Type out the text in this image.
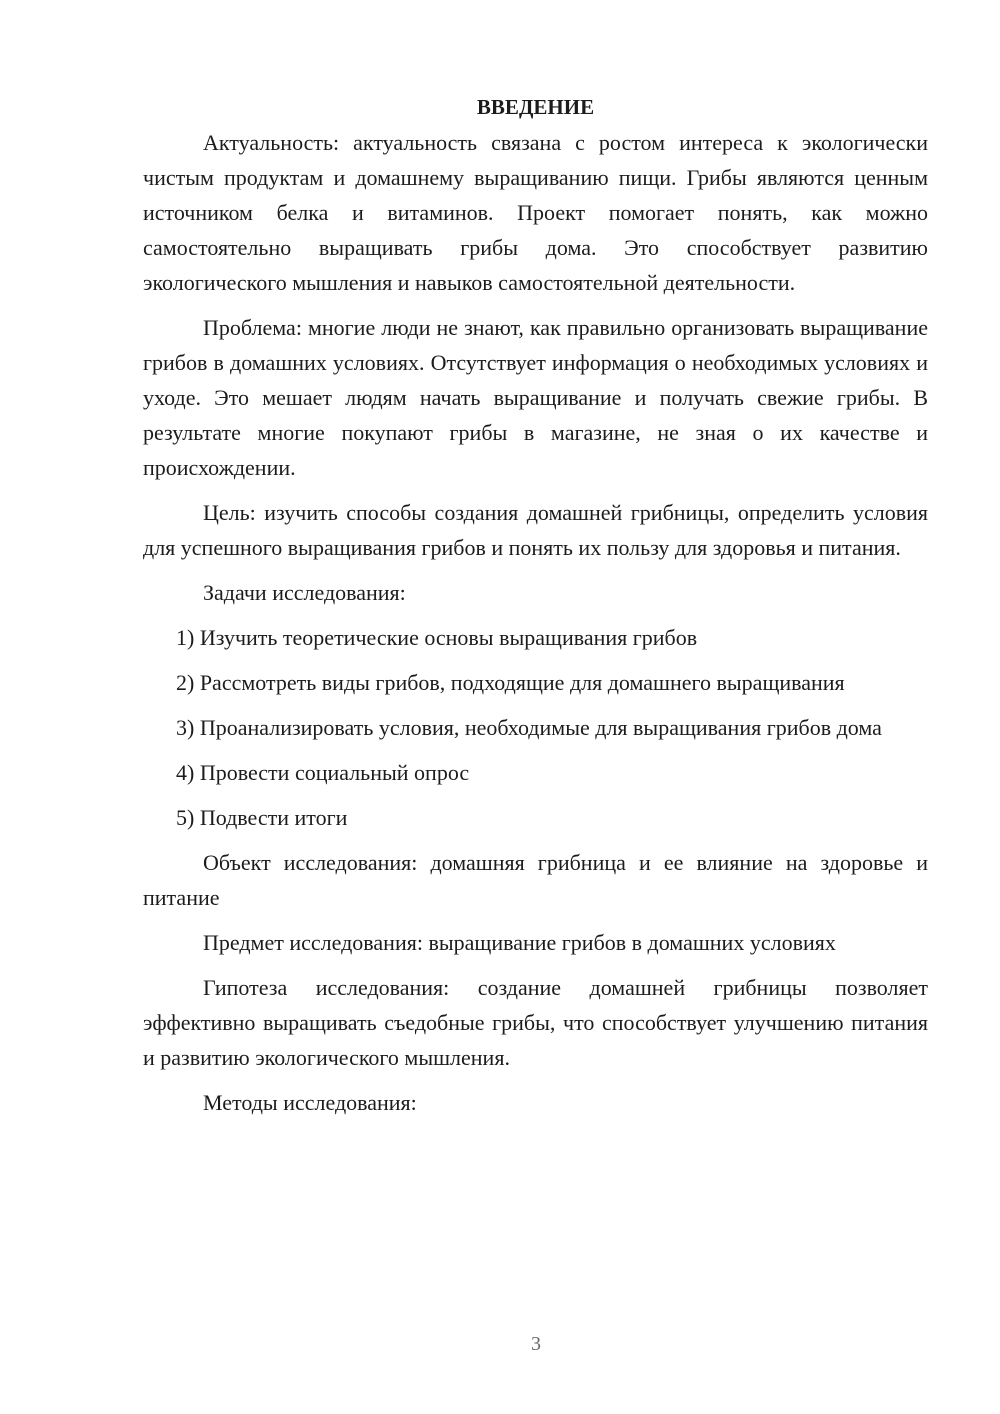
ВВЕДЕНИЕ

Актуальность: актуальность связана с ростом интереса к экологически чистым продуктам и домашнему выращиванию пищи. Грибы являются ценным источником белка и витаминов. Проект помогает понять, как можно самостоятельно выращивать грибы дома. Это способствует развитию экологического мышления и навыков самостоятельной деятельности.

Проблема: многие люди не знают, как правильно организовать выращивание грибов в домашних условиях. Отсутствует информация о необходимых условиях и уходе. Это мешает людям начать выращивание и получать свежие грибы. В результате многие покупают грибы в магазине, не зная о их качестве и происхождении.

Цель: изучить способы создания домашней грибницы, определить условия для успешного выращивания грибов и понять их пользу для здоровья и питания.

Задачи исследования:

1) Изучить теоретические основы выращивания грибов

2) Рассмотреть виды грибов, подходящие для домашнего выращивания

3) Проанализировать условия, необходимые для выращивания грибов дома

4) Провести социальный опрос

5) Подвести итоги

Объект исследования: домашняя грибница и ее влияние на здоровье и питание

Предмет исследования: выращивание грибов в домашних условиях

Гипотеза исследования: создание домашней грибницы позволяет эффективно выращивать съедобные грибы, что способствует улучшению питания и развитию экологического мышления.

Методы исследования:

3
